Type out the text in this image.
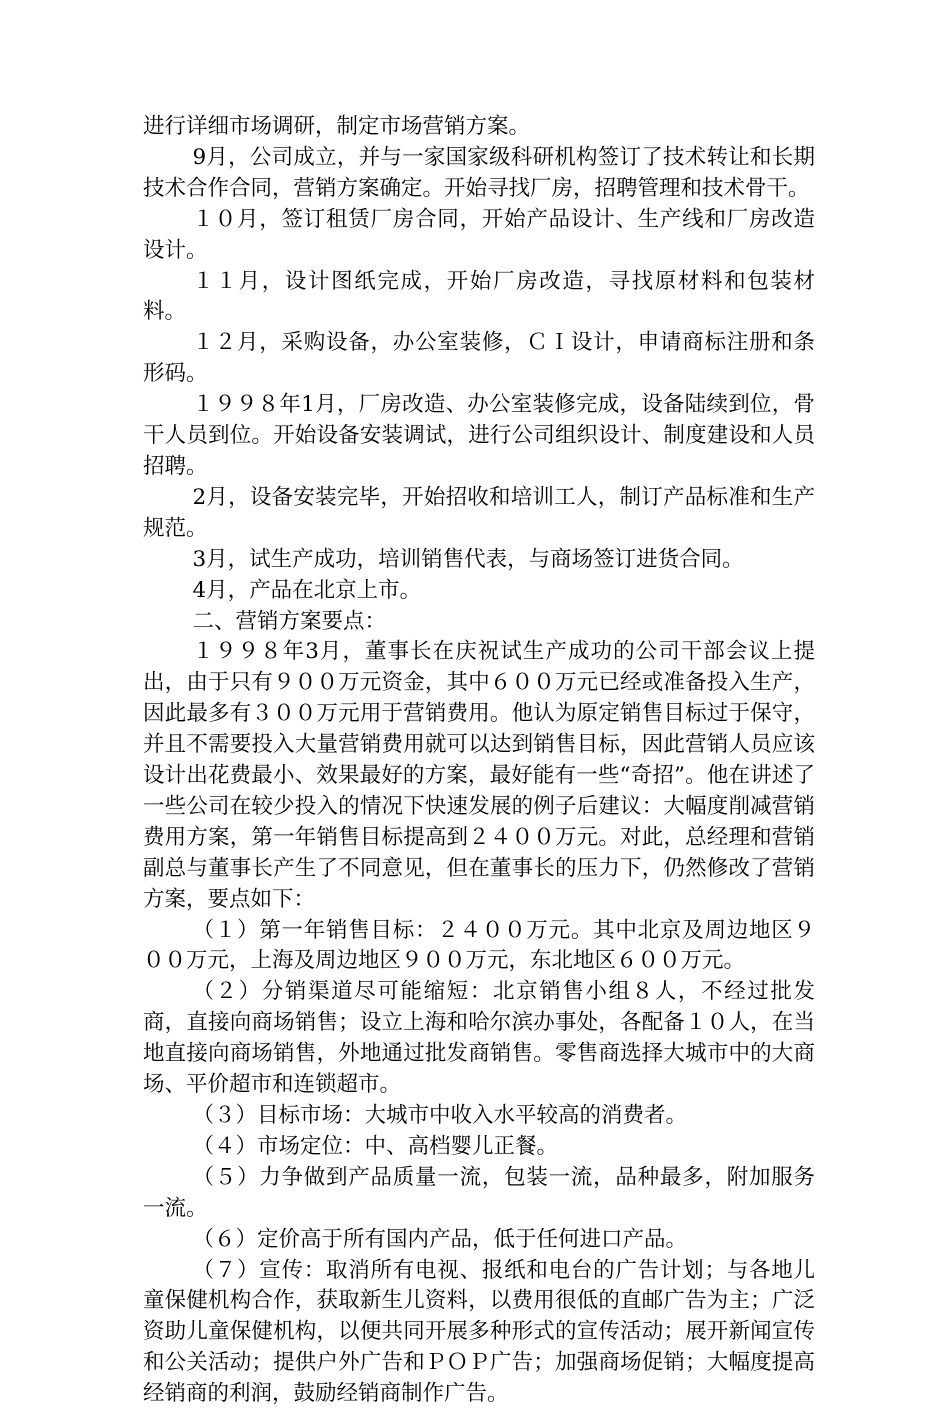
进行详细市场调研，制定市场营销方案。

9月，公司成立，并与一家国家级科研机构签订了技术转让和长期技术合作合同，营销方案确定。开始寻找厂房，招聘管理和技术骨干。

１０月，签订租赁厂房合同，开始产品设计、生产线和厂房改造设计。

１１月，设计图纸完成，开始厂房改造，寻找原材料和包装材料。

１２月，采购设备，办公室装修，ＣＩ设计，申请商标注册和条形码。

１９９８年1月，厂房改造、办公室装修完成，设备陆续到位，骨干人员到位。开始设备安装调试，进行公司组织设计、制度建设和人员招聘。

2月，设备安装完毕，开始招收和培训工人，制订产品标准和生产规范。

3月，试生产成功，培训销售代表，与商场签订进货合同。

4月，产品在北京上市。

二、营销方案要点：

１９９８年3月，董事长在庆祝试生产成功的公司干部会议上提出，由于只有９００万元资金，其中６００万元已经或准备投入生产，因此最多有３００万元用于营销费用。他认为原定销售目标过于保守，并且不需要投入大量营销费用就可以达到销售目标，因此营销人员应该设计出花费最小、效果最好的方案，最好能有一些“奇招”。他在讲述了一些公司在较少投入的情况下快速发展的例子后建议：大幅度削减营销费用方案，第一年销售目标提高到２４００万元。对此，总经理和营销副总与董事长产生了不同意见，但在董事长的压力下，仍然修改了营销方案，要点如下：

（１）第一年销售目标：２４００万元。其中北京及周边地区９００万元，上海及周边地区９００万元，东北地区６００万元。

（２）分销渠道尽可能缩短：北京销售小组８人，不经过批发商，直接向商场销售；设立上海和哈尔滨办事处，各配备１０人，在当地直接向商场销售，外地通过批发商销售。零售商选择大城市中的大商场、平价超市和连锁超市。

（３）目标市场：大城市中收入水平较高的消费者。

（４）市场定位：中、高档婴儿正餐。

（５）力争做到产品质量一流，包装一流，品种最多，附加服务一流。

（６）定价高于所有国内产品，低于任何进口产品。

（７）宣传：取消所有电视、报纸和电台的广告计划；与各地儿童保健机构合作，获取新生儿资料，以费用很低的直邮广告为主；广泛资助儿童保健机构，以便共同开展多种形式的宣传活动；展开新闻宣传和公关活动；提供户外广告和ＰＯＰ广告；加强商场促销；大幅度提高经销商的利润，鼓励经销商制作广告。
